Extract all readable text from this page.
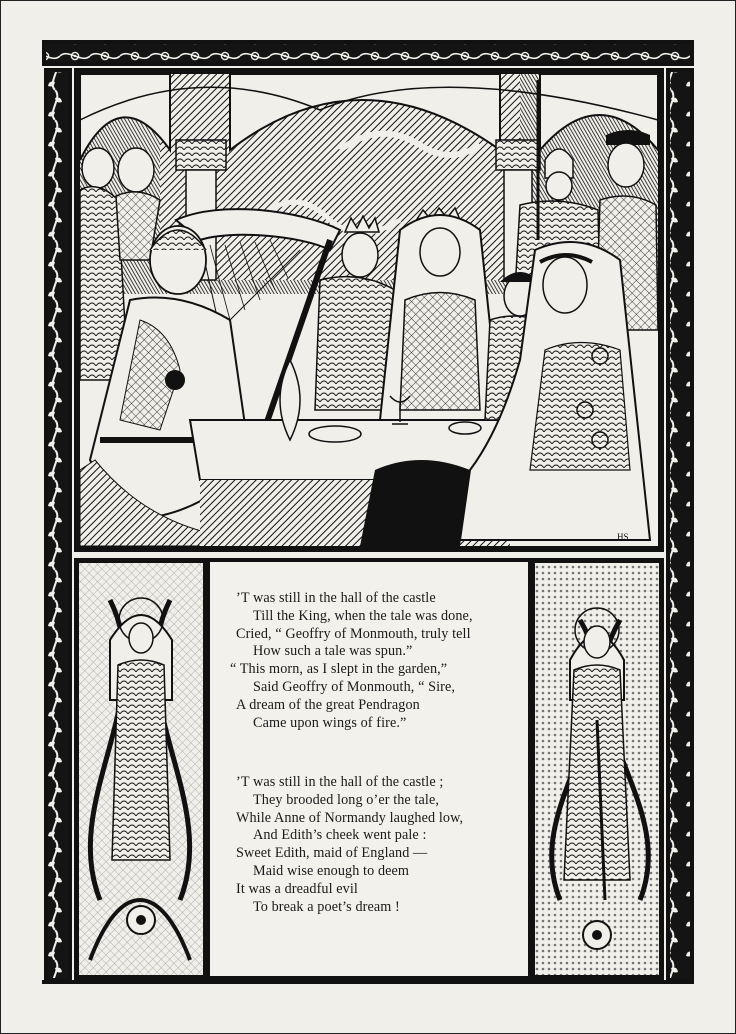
HS
’T was still in the hall of the castle
Till the King, when the tale was done,
Cried, “ Geoffry of Monmouth, truly tell
How such a tale was spun.”
“ This morn, as I slept in the garden,”
Said Geoffry of Monmouth, “ Sire,
A dream of the great Pendragon
Came upon wings of fire.”
’T was still in the hall of the castle ;
They brooded long o’er the tale,
While Anne of Normandy laughed low,
And Edith’s cheek went pale :
Sweet Edith, maid of England —
Maid wise enough to deem
It was a dreadful evil
To break a poet’s dream !
